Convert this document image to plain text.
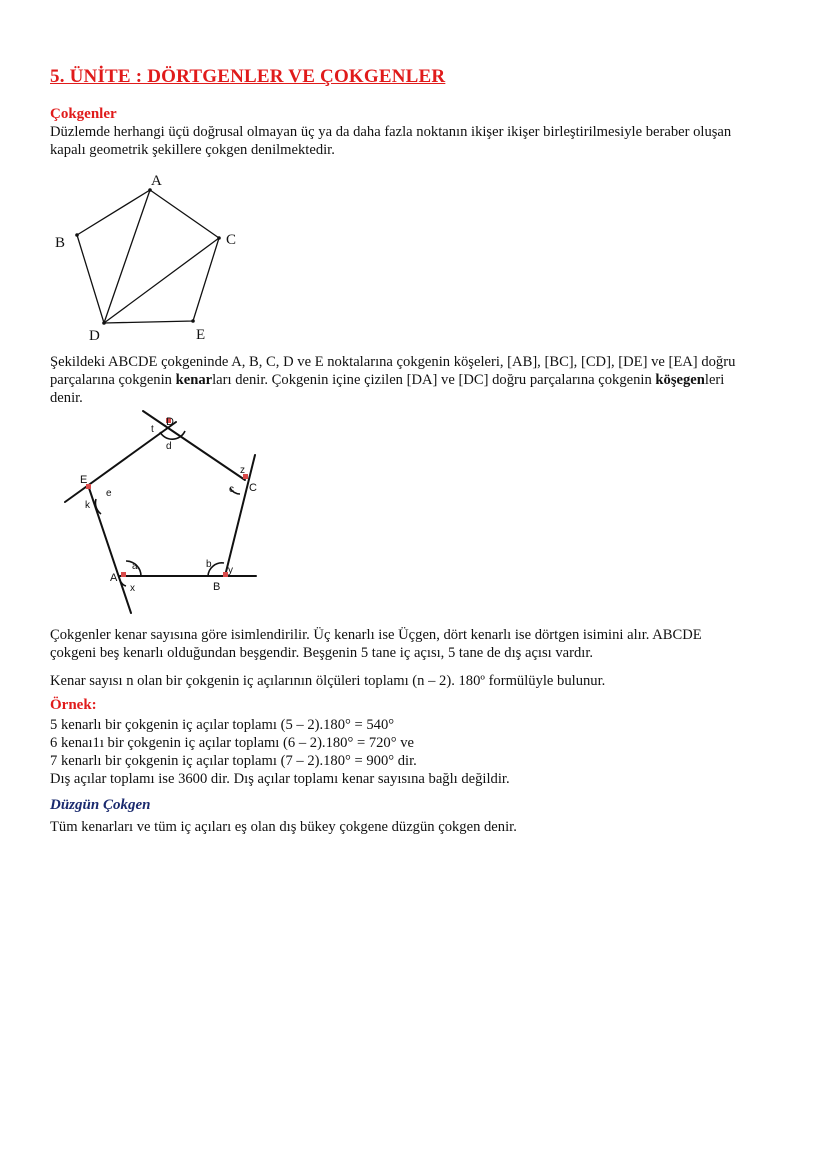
5. ÜNİTE : DÖRTGENLER VE ÇOKGENLER
Çokgenler
Düzlemde herhangi üçü doğrusal olmayan üç ya da daha fazla noktanın ikişer ikişer birleştirilmesiyle beraber oluşan
kapalı geometrik şekillere çokgen denilmektedir.
A
B	C
D	E
Şekildeki ABCDE çokgeninde A, B, C, D ve E noktalarına çokgenin köşeleri, [AB], [BC], [CD], [DE] ve [EA] doğru
parçalarına çokgenin kenarları denir. Çokgenin içine çizilen [DA] ve [DC] doğru parçalarına çokgenin köşegenleri
denir.
E
D
C
A
B
e
k
t
d
z
c
b
y
a
x
Çokgenler kenar sayısına göre isimlendirilir. Üç kenarlı ise Üçgen, dört kenarlı ise dörtgen isimini alır. ABCDE
çokgeni beş kenarlı olduğundan beşgendir. Beşgenin 5 tane iç açısı, 5 tane de dış açısı vardır.
Kenar sayısı n olan bir çokgenin iç açılarının ölçüleri toplamı (n – 2). 180º formülüyle bulunur.
Örnek:
5 kenarlı bir çokgenin iç açılar toplamı (5 – 2).180° = 540°
6 kenaı1ı bir çokgenin iç açılar toplamı (6 – 2).180° = 720° ve
7 kenarlı bir çokgenin iç açılar toplamı (7 – 2).180° = 900° dir.
Dış açılar toplamı ise 3600 dir. Dış açılar toplamı kenar sayısına bağlı değildir.
Düzgün Çokgen
Tüm kenarları ve tüm iç açıları eş olan dış bükey çokgene düzgün çokgen denir.
